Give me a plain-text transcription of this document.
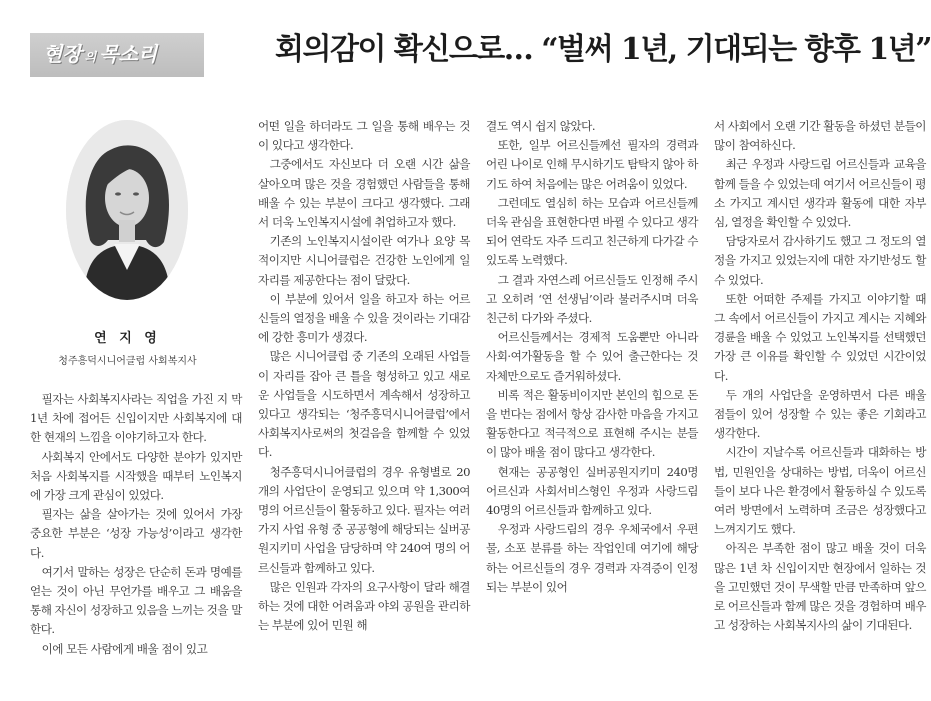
현장 의 목소리	회의감이 확신으로… “벌써 1년, 기대되는 향후 1년”
연 지 영
청주흥덕시니어클럽 사회복지사

필자는 사회복지사라는 직업을 가진 지 막 1년 차에 접어든 신입이지만 사회복지에 대한 현재의 느낌을 이야기하고자 한다.

사회복지 안에서도 다양한 분야가 있지만 처음 사회복지를 시작했을 때부터 노인복지에 가장 크게 관심이 있었다.

필자는 삶을 살아가는 것에 있어서 가장 중요한 부분은 ‘성장 가능성’이라고 생각한다.

여기서 말하는 성장은 단순히 돈과 명예를 얻는 것이 아닌 무언가를 배우고 그 배움을 통해 자신이 성장하고 있음을 느끼는 것을 말한다.

이에 모든 사람에게 배울 점이 있고

어떤 일을 하더라도 그 일을 통해 배우는 것이 있다고 생각한다.

그중에서도 자신보다 더 오랜 시간 삶을 살아오며 많은 것을 경험했던 사람들을 통해 배울 수 있는 부분이 크다고 생각했다. 그래서 더욱 노인복지시설에 취업하고자 했다.

기존의 노인복지시설이란 여가나 요양 목적이지만 시니어클럽은 건강한 노인에게 일자리를 제공한다는 점이 달랐다.

이 부분에 있어서 일을 하고자 하는 어르신들의 열정을 배울 수 있을 것이라는 기대감에 강한 흥미가 생겼다.

많은 시니어클럽 중 기존의 오래된 사업들이 자리를 잡아 큰 틀을 형성하고 있고 새로운 사업들을 시도하면서 계속해서 성장하고 있다고 생각되는 ‘청주흥덕시니어클럽’에서 사회복지사로써의 첫걸음을 함께할 수 있었다.

청주흥덕시니어클럽의 경우 유형별로 20개의 사업단이 운영되고 있으며 약 1,300여 명의 어르신들이 활동하고 있다. 필자는 여러 가지 사업 유형 중 공공형에 해당되는 실버공원지키미 사업을 담당하며 약 240여 명의 어르신들과 함께하고 있다.

많은 인원과 각자의 요구사항이 달라 해결하는 것에 대한 어려움과 야외 공원을 관리하는 부분에 있어 민원 해

결도 역시 쉽지 않았다.

또한, 일부 어르신들께선 필자의 경력과 어린 나이로 인해 무시하기도 탐탁지 않아 하기도 하여 처음에는 많은 어려움이 있었다.

그런데도 열심히 하는 모습과 어르신들께 더욱 관심을 표현한다면 바뀔 수 있다고 생각되어 연락도 자주 드리고 친근하게 다가갈 수 있도록 노력했다.

그 결과 자연스레 어르신들도 인정해 주시고 오히려 ‘연 선생님’이라 불러주시며 더욱 친근히 다가와 주셨다.

어르신들께서는 경제적 도움뿐만 아니라 사회·여가활동을 할 수 있어 출근한다는 것 자체만으로도 즐거워하셨다.

비록 적은 활동비이지만 본인의 힘으로 돈을 번다는 점에서 항상 감사한 마음을 가지고 활동한다고 적극적으로 표현해 주시는 분들이 많아 배울 점이 많다고 생각한다.

현재는 공공형인 실버공원지키미 240명 어르신과 사회서비스형인 우정과 사랑드림 40명의 어르신들과 함께하고 있다.

우정과 사랑드림의 경우 우체국에서 우편물, 소포 분류를 하는 작업인데 여기에 해당하는 어르신들의 경우 경력과 자격증이 인정되는 부분이 있어

서 사회에서 오랜 기간 활동을 하셨던 분들이 많이 참여하신다.

최근 우정과 사랑드림 어르신들과 교육을 함께 들을 수 있었는데 여기서 어르신들이 평소 가지고 계시던 생각과 활동에 대한 자부심, 열정을 확인할 수 있었다.

담당자로서 감사하기도 했고 그 정도의 열정을 가지고 있었는지에 대한 자기반성도 할 수 있었다.

또한 어떠한 주제를 가지고 이야기할 때 그 속에서 어르신들이 가지고 계시는 지혜와 경륜을 배울 수 있었고 노인복지를 선택했던 가장 큰 이유를 확인할 수 있었던 시간이었다.

두 개의 사업단을 운영하면서 다른 배울 점들이 있어 성장할 수 있는 좋은 기회라고 생각한다.

시간이 지날수록 어르신들과 대화하는 방법, 민원인을 상대하는 방법, 더욱이 어르신들이 보다 나은 환경에서 활동하실 수 있도록 여러 방면에서 노력하며 조금은 성장했다고 느껴지기도 했다.

아직은 부족한 점이 많고 배울 것이 더욱 많은 1년 차 신입이지만 현장에서 일하는 것을 고민했던 것이 무색할 만큼 만족하며 앞으로 어르신들과 함께 많은 것을 경험하며 배우고 성장하는 사회복지사의 삶이 기대된다.
